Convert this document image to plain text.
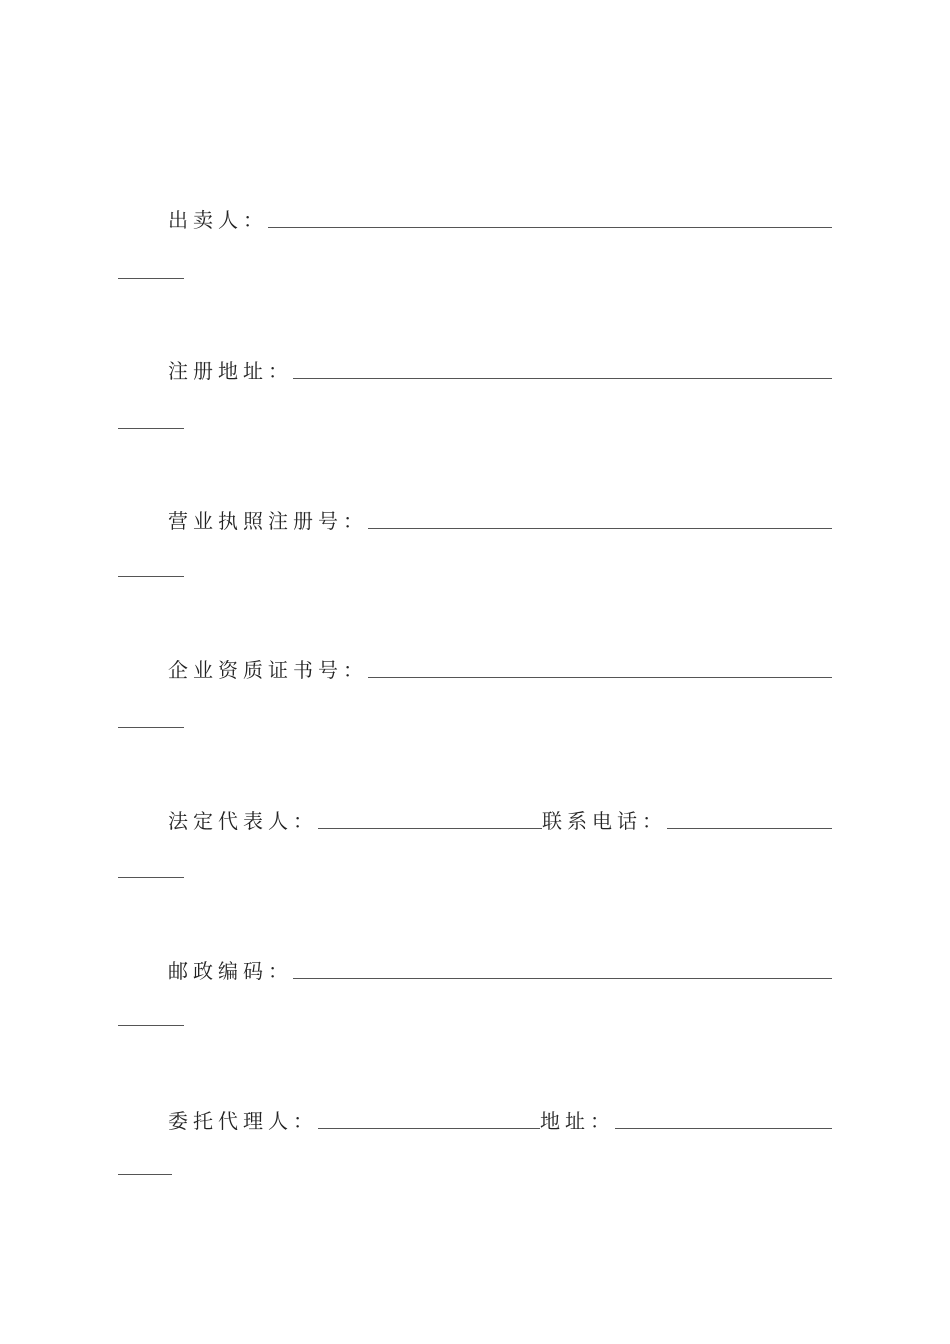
出卖人：
注册地址：
营业执照注册号：
企业资质证书号：
法定代表人：	联系电话：
邮政编码：
委托代理人：	地址：
